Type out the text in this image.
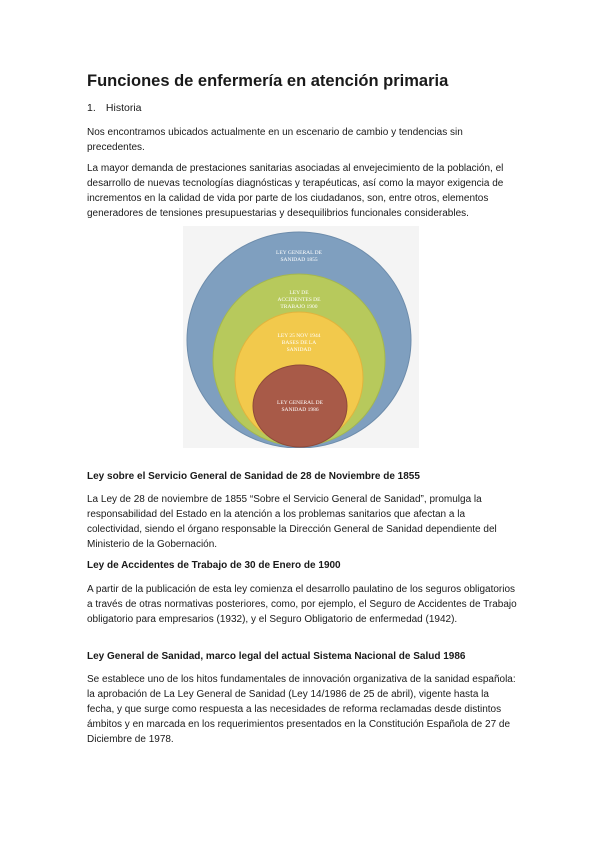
Funciones de enfermería en atención primaria
1. Historia
Nos encontramos ubicados actualmente en un escenario de cambio y tendencias sin precedentes.
La mayor demanda de prestaciones sanitarias asociadas al envejecimiento de la población, el desarrollo de nuevas tecnologías diagnósticas y terapéuticas, así como la mayor exigencia de incrementos en la calidad de vida por parte de los ciudadanos, son, entre otros, elementos generadores de tensiones presupuestarias y desequilibrios funcionales considerables.
LEY GENERAL DE
SANIDAD 1855
LEY DE
ACCIDENTES DE
TRABAJO 1900
LEY 25 NOV 1944
BASES DE LA
SANIDAD
LEY GENERAL DE
SANIDAD 1986
Ley sobre el Servicio General de Sanidad de 28 de Noviembre de 1855
La Ley de 28 de noviembre de 1855 “Sobre el Servicio General de Sanidad”, promulga la responsabilidad del Estado en la atención a los problemas sanitarios que afectan a la colectividad, siendo el órgano responsable la Dirección General de Sanidad dependiente del Ministerio de la Gobernación.
Ley de Accidentes de Trabajo de 30 de Enero de 1900
A partir de la publicación de esta ley comienza el desarrollo paulatino de los seguros obligatorios a través de otras normativas posteriores, como, por ejemplo, el Seguro de Accidentes de Trabajo obligatorio para empresarios (1932), y el Seguro Obligatorio de enfermedad (1942).
Ley General de Sanidad, marco legal del actual Sistema Nacional de Salud 1986
Se establece uno de los hitos fundamentales de innovación organizativa de la sanidad española: la aprobación de La Ley General de Sanidad (Ley 14/1986 de 25 de abril), vigente hasta la fecha, y que surge como respuesta a las necesidades de reforma reclamadas desde distintos ámbitos y en marcada en los requerimientos presentados en la Constitución Española de 27 de Diciembre de 1978.
